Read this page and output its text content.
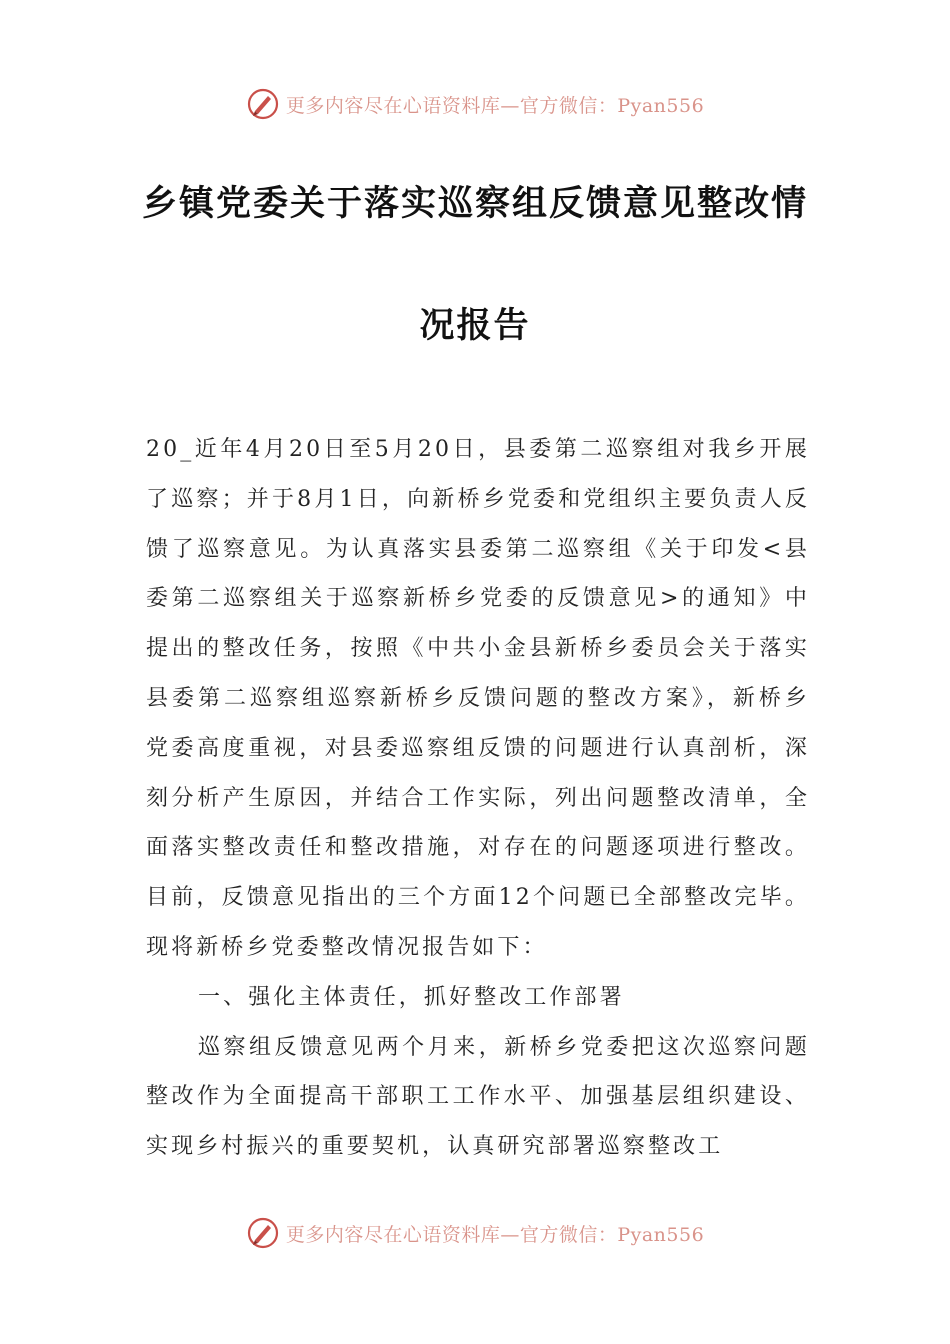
更多内容尽在心语资料库—官方微信：Pyan556
乡镇党委关于落实巡察组反馈意见整改情
况报告

20_近年4月20日至5月20日，县委第二巡察组对我乡开展了巡察；并于8月1日，向新桥乡党委和党组织主要负责人反馈了巡察意见。为认真落实县委第二巡察组《关于印发<县委第二巡察组关于巡察新桥乡党委的反馈意见>的通知》中提出的整改任务，按照《中共小金县新桥乡委员会关于落实县委第二巡察组巡察新桥乡反馈问题的整改方案》，新桥乡党委高度重视，对县委巡察组反馈的问题进行认真剖析，深刻分析产生原因，并结合工作实际，列出问题整改清单，全面落实整改责任和整改措施，对存在的问题逐项进行整改。目前，反馈意见指出的三个方面12个问题已全部整改完毕。现将新桥乡党委整改情况报告如下：

一、强化主体责任，抓好整改工作部署

巡察组反馈意见两个月来，新桥乡党委把这次巡察问题整改作为全面提高干部职工工作水平、加强基层组织建设、实现乡村振兴的重要契机，认真研究部署巡察整改工

更多内容尽在心语资料库—官方微信：Pyan556
